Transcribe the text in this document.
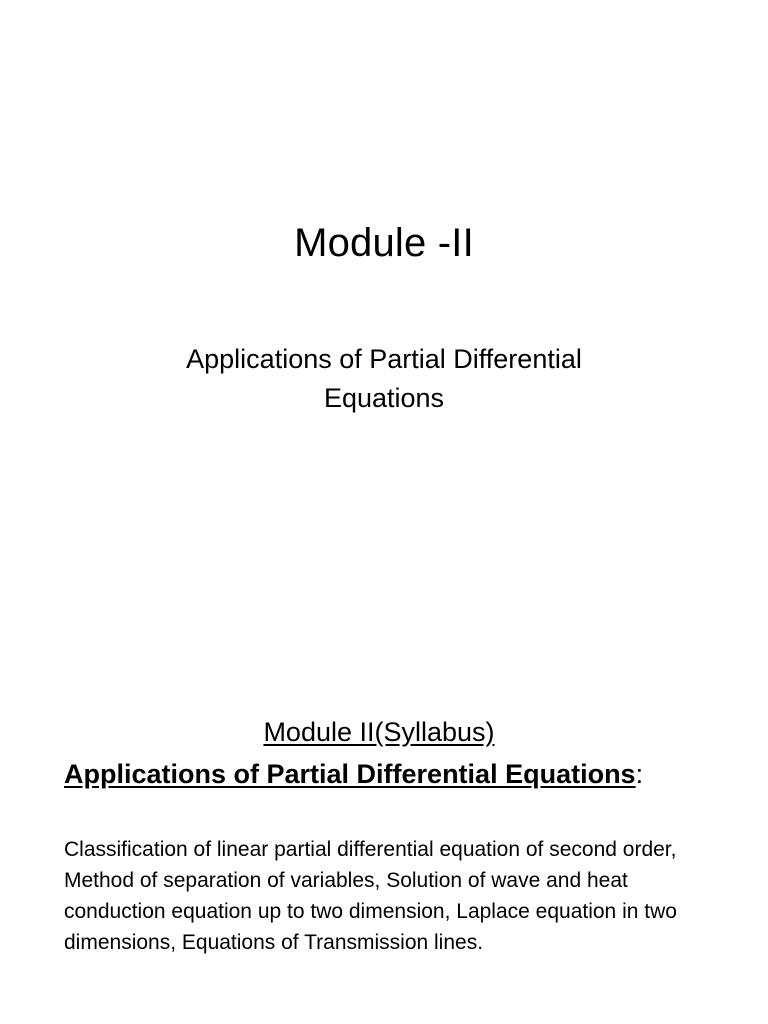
Module -II
Applications of Partial Differential Equations
Module II(Syllabus)
Applications of Partial Differential Equations:
Classification of linear partial differential equation of second order, Method of separation of variables, Solution of wave and heat conduction equation up to two dimension, Laplace equation in two dimensions, Equations of Transmission lines.
